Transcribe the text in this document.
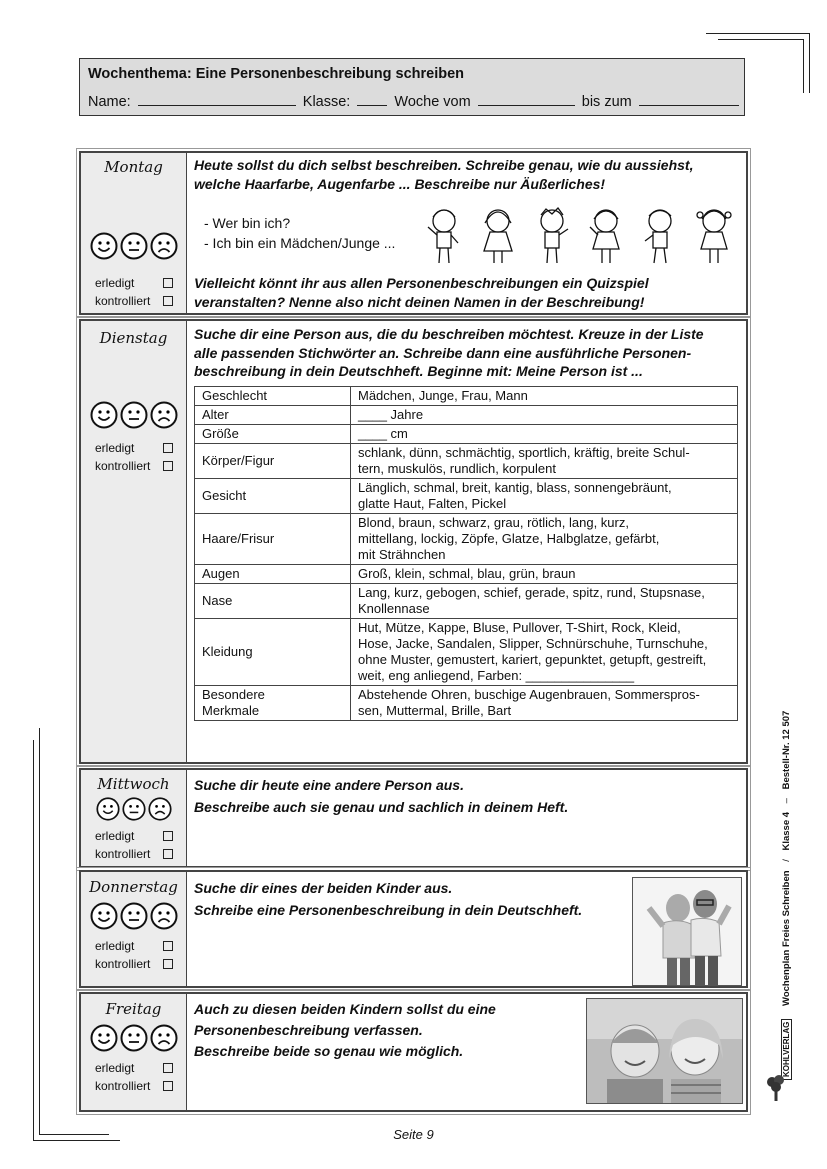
Wochenthema: Eine Personenbeschreibung schreiben
Name:	Klasse:	Woche vom	bis zum
Montag
erledigt
kontrolliert
Heute sollst du dich selbst beschreiben. Schreibe genau, wie du aussiehst,
welche Haarfarbe, Augenfarbe ... Beschreibe nur Äußerliches!
- Wer bin ich?
- Ich bin ein Mädchen/Junge ...
Vielleicht könnt ihr aus allen Personenbeschreibungen ein Quizspiel
veranstalten? Nenne also nicht deinen Namen in der Beschreibung!
Dienstag
erledigt
kontrolliert
Suche dir eine Person aus, die du beschreiben möchtest. Kreuze in der Liste
alle passenden Stichwörter an. Schreibe dann eine ausführliche Personen-
beschreibung in dein Deutschheft. Beginne mit: Meine Person ist ...
Geschlecht	Mädchen, Junge, Frau, Mann
Alter	____ Jahre
Größe	____ cm
Körper/Figur	schlank, dünn, schmächtig, sportlich, kräftig, breite Schul-
tern, muskulös, rundlich, korpulent
Gesicht	Länglich, schmal, breit, kantig, blass, sonnengebräunt,
glatte Haut, Falten, Pickel
Haare/Frisur	Blond, braun, schwarz, grau, rötlich, lang, kurz,
mittellang, lockig, Zöpfe, Glatze, Halbglatze, gefärbt,
mit Strähnchen
Augen	Groß, klein, schmal, blau, grün, braun
Nase	Lang, kurz, gebogen, schief, gerade, spitz, rund, Stupsnase,
Knollennase
Kleidung	Hut, Mütze, Kappe, Bluse, Pullover, T-Shirt, Rock, Kleid,
Hose, Jacke, Sandalen, Slipper, Schnürschuhe, Turnschuhe,
ohne Muster, gemustert, kariert, gepunktet, getupft, gestreift,
weit, eng anliegend, Farben: _______________
Besondere
Merkmale	Abstehende Ohren, buschige Augenbrauen, Sommerspros-
sen, Muttermal, Brille, Bart
Mittwoch
erledigt
kontrolliert
Suche dir heute eine andere Person aus.
Beschreibe auch sie genau und sachlich in deinem Heft.
Donnerstag
erledigt
kontrolliert
Suche dir eines der beiden Kinder aus.
Schreibe eine Personenbeschreibung in dein Deutschheft.
Freitag
erledigt
kontrolliert
Auch zu diesen beiden Kindern sollst du eine
Personenbeschreibung verfassen.
Beschreibe beide so genau wie möglich.
Seite 9
KOHLVERLAG Wochenplan Freies Schreiben / Klasse 4 – Bestell-Nr. 12 507
